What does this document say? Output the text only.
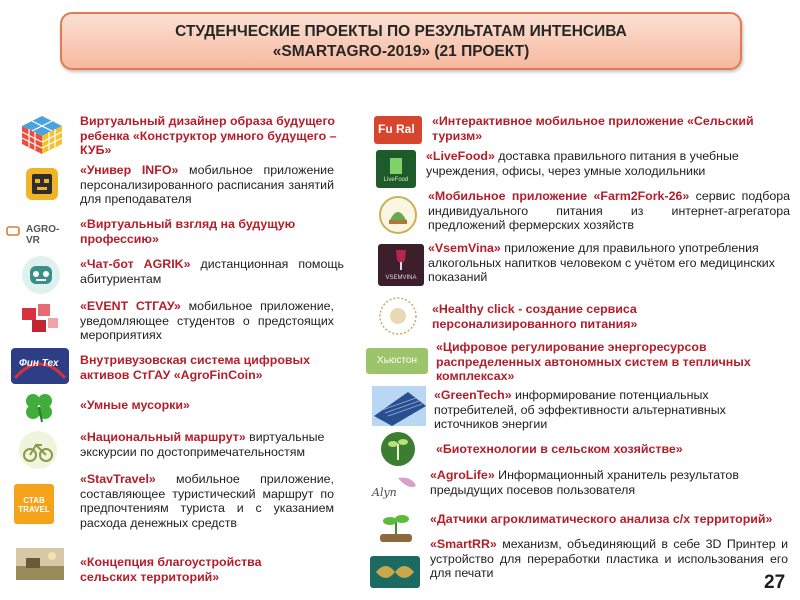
СТУДЕНЧЕСКИЕ ПРОЕКТЫ ПО РЕЗУЛЬТАТАМ ИНТЕНСИВА
«SMARTAGRO-2019» (21 ПРОЕКТ)
Виртуальный дизайнер образа будущего ребенка «Конструктор умного будущего – КУБ»
«Универ INFO» мобильное приложение персонализированного расписания занятий для преподавателя
AGRO-VR
«Виртуальный взгляд на будущую профессию»
«Чат-бот AGRIK» дистанционная помощь абитуриентам
«EVENT СТГАУ» мобильное приложение, уведомляющее студентов о предстоящих мероприятиях
Фин Тех Внутривузовская система цифровых активов СтГАУ «AgroFinCoin»
«Умные мусорки»
«Национальный маршрут» виртуальные экскурсии по достопримечательностям
СТАВ TRAVEL
«StavTravel» мобильное приложение, составляющее туристический маршрут по предпочтениям туриста и с указанием расхода денежных средств
«Концепция благоустройства сельских территорий»
Fu Ral
«Интерактивное мобильное приложение «Сельский туризм»
LiveFood
«LiveFood» доставка правильного питания в учебные учреждения, офисы, через умные холодильники
«Мобильное приложение «Farm2Fork-26» сервис подбора индивидуального питания из интернет-агрегатора предложений фермерских хозяйств
VSEMVINA
«VsemVina» приложение для правильного употребления алкогольных напитков человеком с учётом его медицинских показаний
«Healthy click - создание сервиса персонализированного питания»
Хьюстон
«Цифровое регулирование энергоресурсов распределенных автономных систем в тепличных комплексах»
«GreenTech» информирование потенциальных потребителей, об эффективности альтернативных источников энергии
«Биотехнологии в сельском хозяйстве»
Alyn
«AgroLife» Информационный хранитель результатов предыдущих посевов пользователя
«Датчики агроклиматического анализа с/х территорий»
«SmartRR» механизм, объединяющий в себе 3D Принтер и устройство для переработки пластика и использования его для печати	27
